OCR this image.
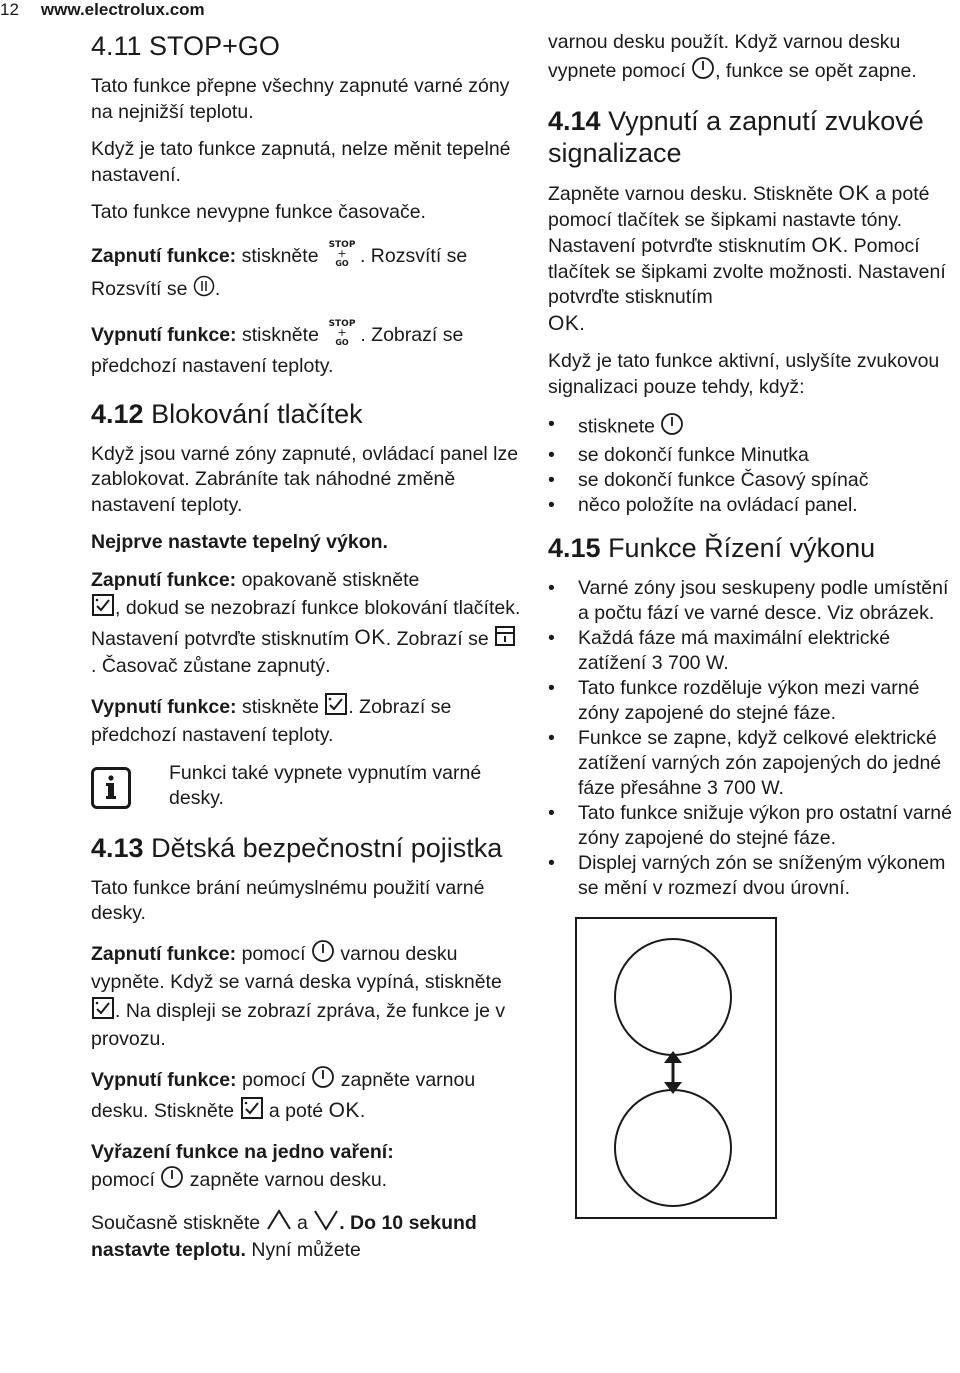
12 www.electrolux.com
4.11 STOP+GO

Tato funkce přepne všechny zapnuté varné zóny na nejnižší teplotu.

Když je tato funkce zapnutá, nelze měnit tepelné nastavení.

Tato funkce nevypne funkce časovače.

Zapnutí funkce: stiskněte STOP
+
GO . Rozsvítí se Rozsvítí se .

Vypnutí funkce: stiskněte STOP
+
GO . Zobrazí se předchozí nastavení teploty.

4.12 Blokování tlačítek

Když jsou varné zóny zapnuté, ovládací panel lze zablokovat. Zabráníte tak náhodné změně nastavení teploty.

Nejprve nastavte tepelný výkon.

Zapnutí funkce: opakovaně stiskněte
, dokud se nezobrazí funkce blokování tlačítek. Nastavení potvrďte stisknutím OK. Zobrazí se . Časovač zůstane zapnutý.

Vypnutí funkce: stiskněte . Zobrazí se předchozí nastavení teploty.

Funkci také vypnete vypnutím varné desky.

4.13 Dětská bezpečnostní pojistka

Tato funkce brání neúmyslnému použití varné desky.

Zapnutí funkce: pomocí  varnou desku vypněte. Když se varná deska vypíná, stiskněte . Na displeji se zobrazí zpráva, že funkce je v provozu.

Vypnutí funkce: pomocí  zapněte varnou desku. Stiskněte  a poté OK.

Vyřazení funkce na jedno vaření:
pomocí  zapněte varnou desku.

Současně stiskněte  a . Do 10 sekund nastavte teplotu. Nyní můžete

varnou desku použít. Když varnou desku vypnete pomocí , funkce se opět zapne.

4.14 Vypnutí a zapnutí zvukové signalizace

Zapněte varnou desku. Stiskněte OK a poté pomocí tlačítek se šipkami nastavte tóny. Nastavení potvrďte stisknutím OK. Pomocí tlačítek se šipkami zvolte možnosti. Nastavení potvrďte stisknutím
OK.

Když je tato funkce aktivní, uslyšíte zvukovou signalizaci pouze tehdy, když:

• stisknete
• se dokončí funkce Minutka
• se dokončí funkce Časový spínač
• něco položíte na ovládací panel.
4.15 Funkce Řízení výkonu
• Varné zóny jsou seskupeny podle umístění a počtu fází ve varné desce. Viz obrázek.
• Každá fáze má maximální elektrické zatížení 3 700 W.
• Tato funkce rozděluje výkon mezi varné zóny zapojené do stejné fáze.
• Funkce se zapne, když celkové elektrické zatížení varných zón zapojených do jedné fáze přesáhne 3 700 W.
• Tato funkce snižuje výkon pro ostatní varné zóny zapojené do stejné fáze.
• Displej varných zón se sníženým výkonem se mění v rozmezí dvou úrovní.
